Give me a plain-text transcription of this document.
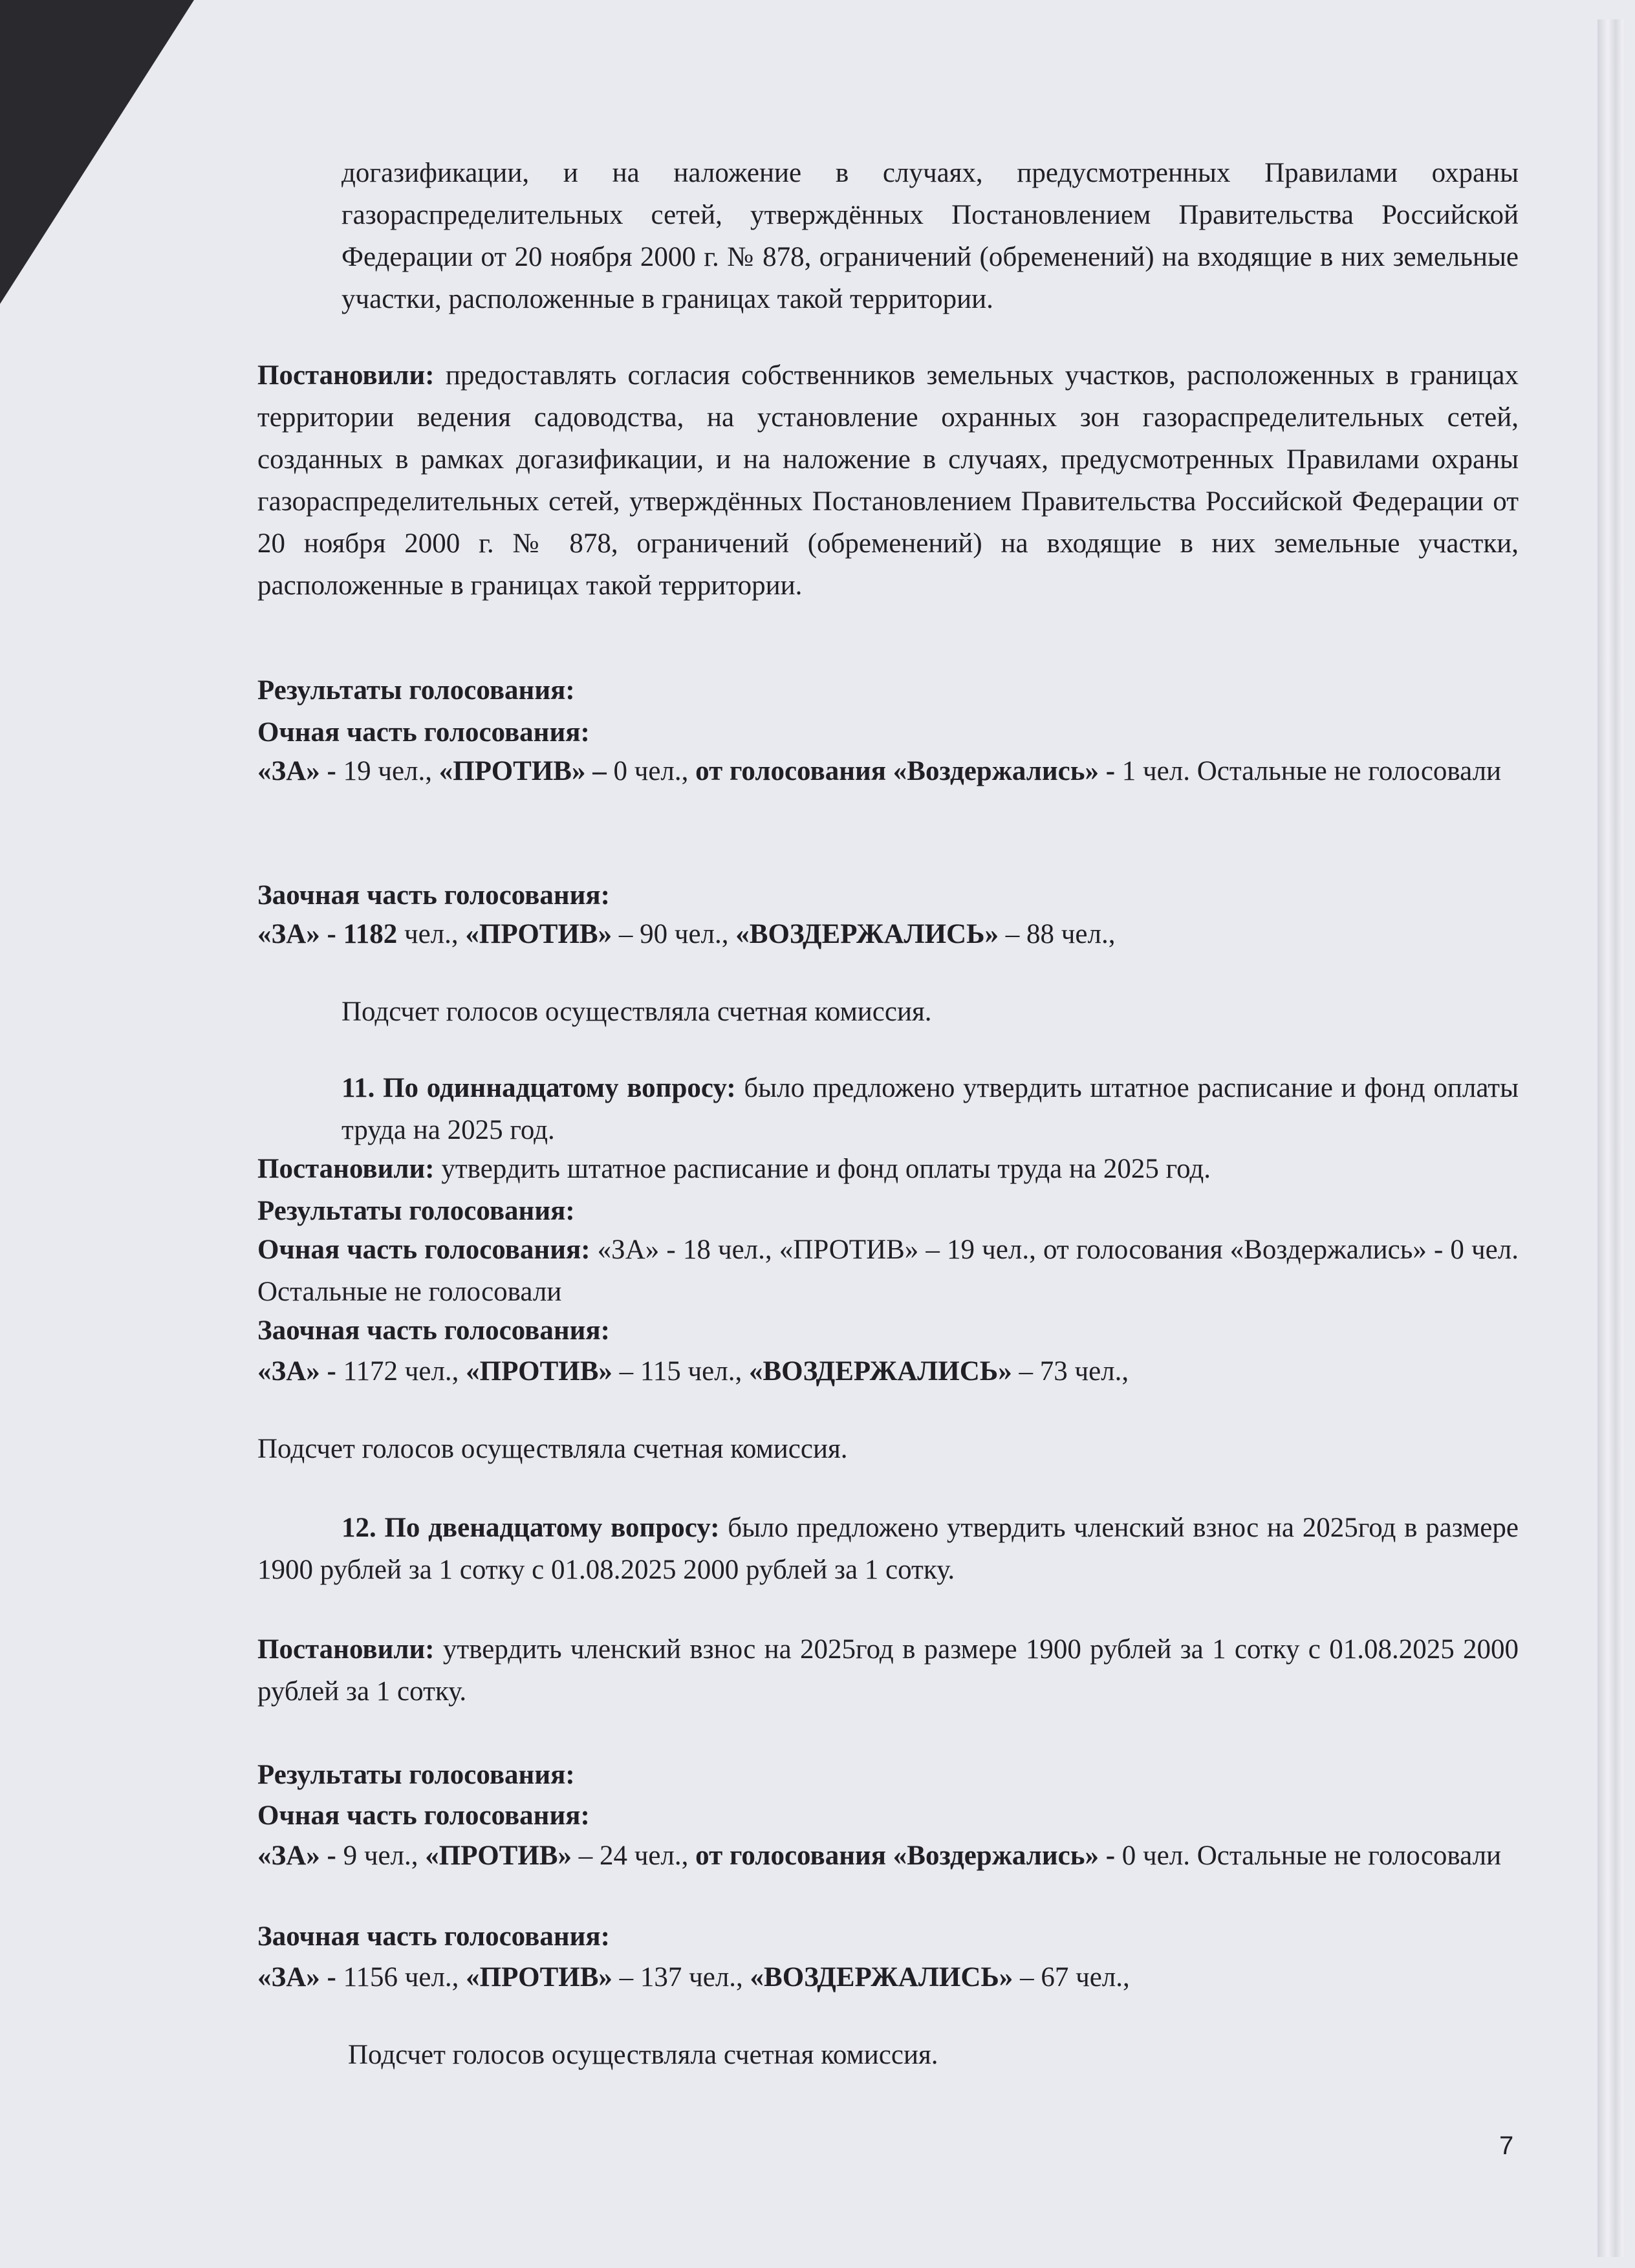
догазификации, и на наложение в случаях, предусмотренных Правилами охраны газораспределительных сетей, утверждённых Постановлением Правительства Российской Федерации от 20 ноября 2000 г. № 878, ограничений (обременений) на входящие в них земельные участки, расположенные в границах такой территории.

Постановили: предоставлять согласия собственников земельных участков, расположенных в границах территории ведения садоводства, на установление охранных зон газораспределительных сетей, созданных в рамках догазификации, и на наложение в случаях, предусмотренных Правилами охраны газораспределительных сетей, утверждённых Постановлением Правительства Российской Федерации от 20 ноября 2000 г. № 878, ограничений (обременений) на входящие в них земельные участки, расположенные в границах такой территории.

Результаты голосования:

Очная часть голосования:

«ЗА» - 19 чел., «ПРОТИВ» – 0 чел., от голосования «Воздержались» - 1 чел. Остальные не голосовали

Заочная часть голосования:

«ЗА» - 1182 чел., «ПРОТИВ» – 90 чел., «ВОЗДЕРЖАЛИСЬ» – 88 чел.,

Подсчет голосов осуществляла счетная комиссия.

11. По одиннадцатому вопросу: было предложено утвердить штатное расписание и фонд оплаты труда на 2025 год.

Постановили: утвердить штатное расписание и фонд оплаты труда на 2025 год.

Результаты голосования:

Очная часть голосования: «ЗА» - 18 чел., «ПРОТИВ» – 19 чел., от голосования «Воздержались» - 0 чел. Остальные не голосовали

Заочная часть голосования:

«ЗА» - 1172 чел., «ПРОТИВ» – 115 чел., «ВОЗДЕРЖАЛИСЬ» – 73 чел.,

Подсчет голосов осуществляла счетная комиссия.

12. По двенадцатому вопросу: было предложено утвердить членский взнос на 2025год в размере 1900 рублей за 1 сотку с 01.08.2025 2000 рублей за 1 сотку.

Постановили: утвердить членский взнос на 2025год в размере 1900 рублей за 1 сотку с 01.08.2025 2000 рублей за 1 сотку.

Результаты голосования:

Очная часть голосования:

«ЗА» - 9 чел., «ПРОТИВ» – 24 чел., от голосования «Воздержались» - 0 чел. Остальные не голосовали

Заочная часть голосования:

«ЗА» - 1156 чел., «ПРОТИВ» – 137 чел., «ВОЗДЕРЖАЛИСЬ» – 67 чел.,

Подсчет голосов осуществляла счетная комиссия.

7
